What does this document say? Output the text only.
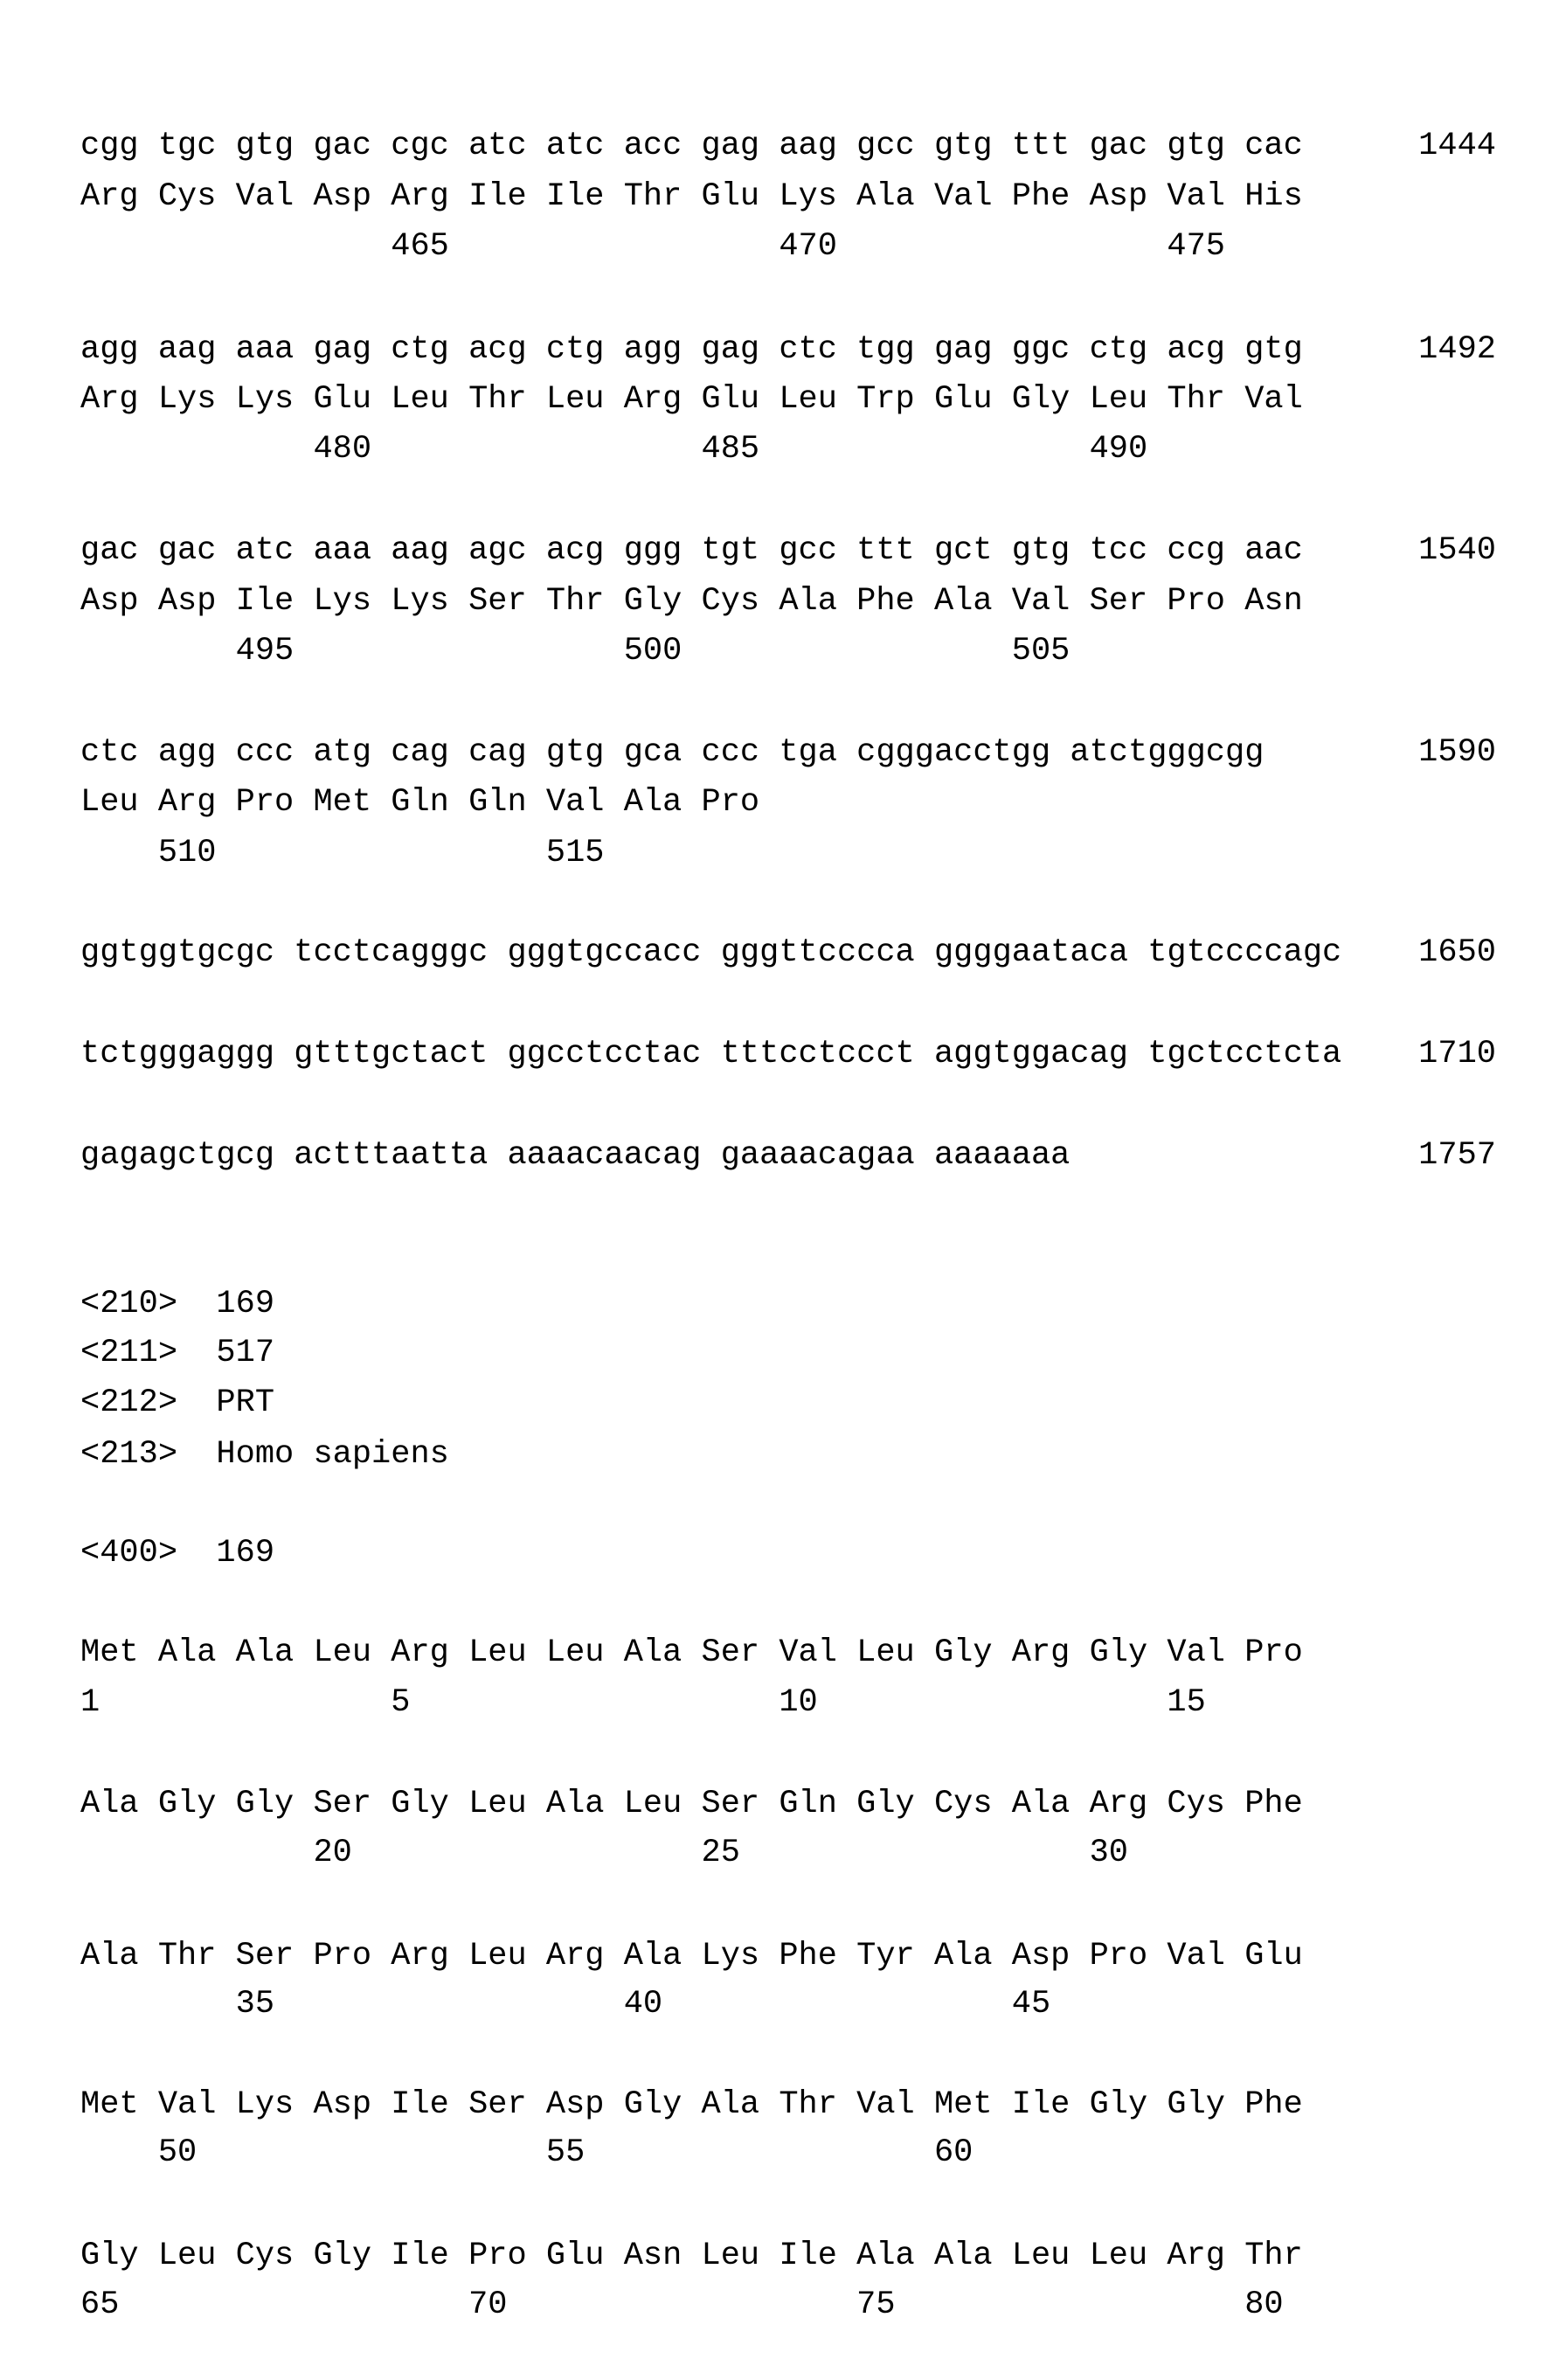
cgg tgc gtg gac cgc atc atc acc gag aag gcc gtg ttt gac gtg cac	1444
Arg Cys Val Asp Arg Ile Ile Thr Glu Lys Ala Val Phe Asp Val His
465                 470                 475
agg aag aaa gag ctg acg ctg agg gag ctc tgg gag ggc ctg acg gtg	1492
Arg Lys Lys Glu Leu Thr Leu Arg Glu Leu Trp Glu Gly Leu Thr Val
480                 485                 490
gac gac atc aaa aag agc acg ggg tgt gcc ttt gct gtg tcc ccg aac	1540
Asp Asp Ile Lys Lys Ser Thr Gly Cys Ala Phe Ala Val Ser Pro Asn
495                 500                 505
ctc agg ccc atg cag cag gtg gca ccc tga cgggacctgg atctgggcgg	1590
Leu Arg Pro Met Gln Gln Val Ala Pro
510                 515
ggtggtgcgc tcctcagggc gggtgccacc gggttcccca ggggaataca tgtccccagc 1650
tctgggaggg gtttgctact ggcctcctac tttcctccct aggtggacag tgctcctcta 1710
gagagctgcg actttaatta aaaacaacag gaaaacagaa aaaaaaa	1757
<210>  169
<211>  517
<212>  PRT
<213>  Homo sapiens
<400>  169
Met Ala Ala Leu Arg Leu Leu Ala Ser Val Leu Gly Arg Gly Val Pro
1               5                   10                  15
Ala Gly Gly Ser Gly Leu Ala Leu Ser Gln Gly Cys Ala Arg Cys Phe
20                  25                  30
Ala Thr Ser Pro Arg Leu Arg Ala Lys Phe Tyr Ala Asp Pro Val Glu
35                  40                  45
Met Val Lys Asp Ile Ser Asp Gly Ala Thr Val Met Ile Gly Gly Phe
50                  55                  60
Gly Leu Cys Gly Ile Pro Glu Asn Leu Ile Ala Ala Leu Leu Arg Thr
65                  70                  75                  80
